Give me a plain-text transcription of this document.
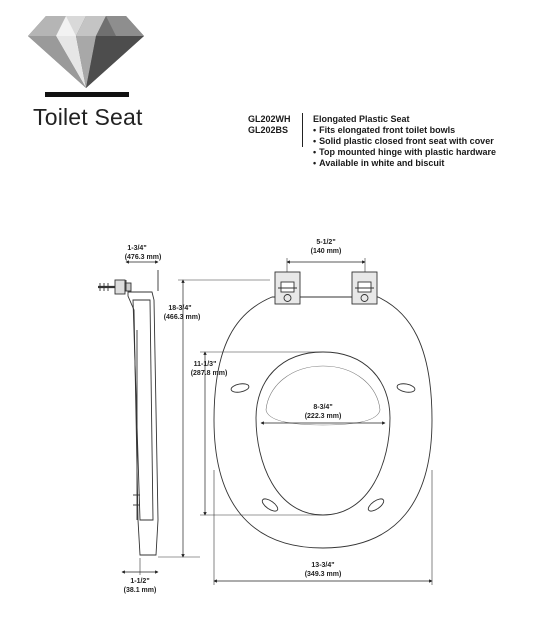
Toilet Seat	GL202WH
GL202BS
Elongated Plastic Seat
• Fits elongated front toilet bowls
• Solid plastic closed front seat with cover
• Top mounted hinge with plastic hardware
• Available in white and biscuit
1-3/4"
(476.3 mm)
18-3/4"
(466.3 mm)
1-1/2"
(38.1 mm)
5-1/2"
(140 mm)
11-1/3"
(287.8 mm)
8-3/4"
(222.3 mm)
13-3/4"
(349.3 mm)
